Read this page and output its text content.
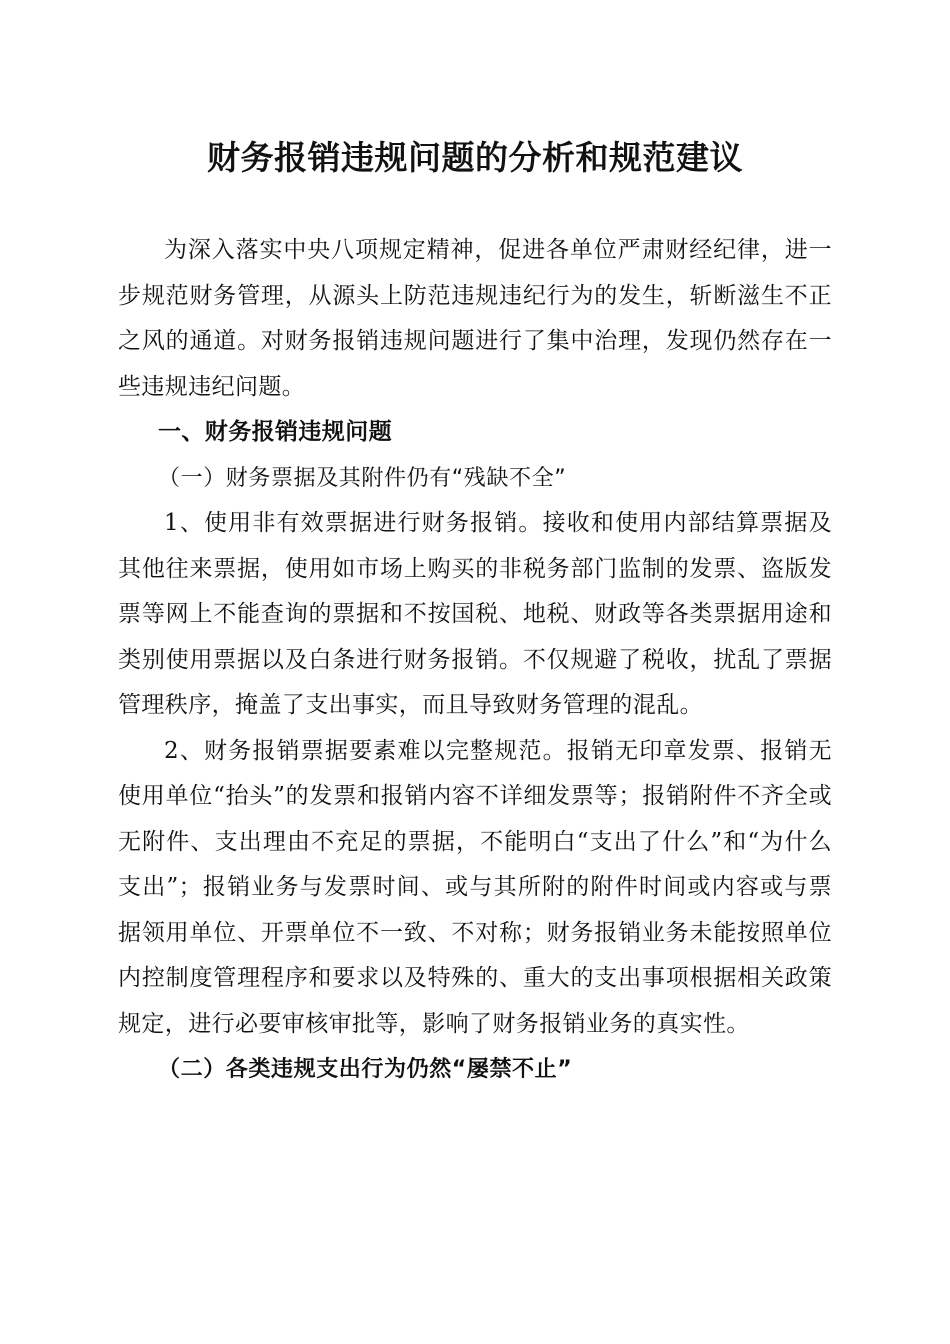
财务报销违规问题的分析和规范建议

为深入落实中央八项规定精神，促进各单位严肃财经纪律，进一步规范财务管理，从源头上防范违规违纪行为的发生，斩断滋生不正之风的通道。对财务报销违规问题进行了集中治理，发现仍然存在一些违规违纪问题。

一、财务报销违规问题

（一）财务票据及其附件仍有“残缺不全”

1、使用非有效票据进行财务报销。接收和使用内部结算票据及其他往来票据，使用如市场上购买的非税务部门监制的发票、盗版发票等网上不能查询的票据和不按国税、地税、财政等各类票据用途和类别使用票据以及白条进行财务报销。不仅规避了税收，扰乱了票据管理秩序，掩盖了支出事实，而且导致财务管理的混乱。

2、财务报销票据要素难以完整规范。报销无印章发票、报销无使用单位“抬头”的发票和报销内容不详细发票等；报销附件不齐全或无附件、支出理由不充足的票据，不能明白“支出了什么”和“为什么支出”；报销业务与发票时间、或与其所附的附件时间或内容或与票据领用单位、开票单位不一致、不对称；财务报销业务未能按照单位内控制度管理程序和要求以及特殊的、重大的支出事项根据相关政策规定，进行必要审核审批等，影响了财务报销业务的真实性。

（二）各类违规支出行为仍然“屡禁不止”
